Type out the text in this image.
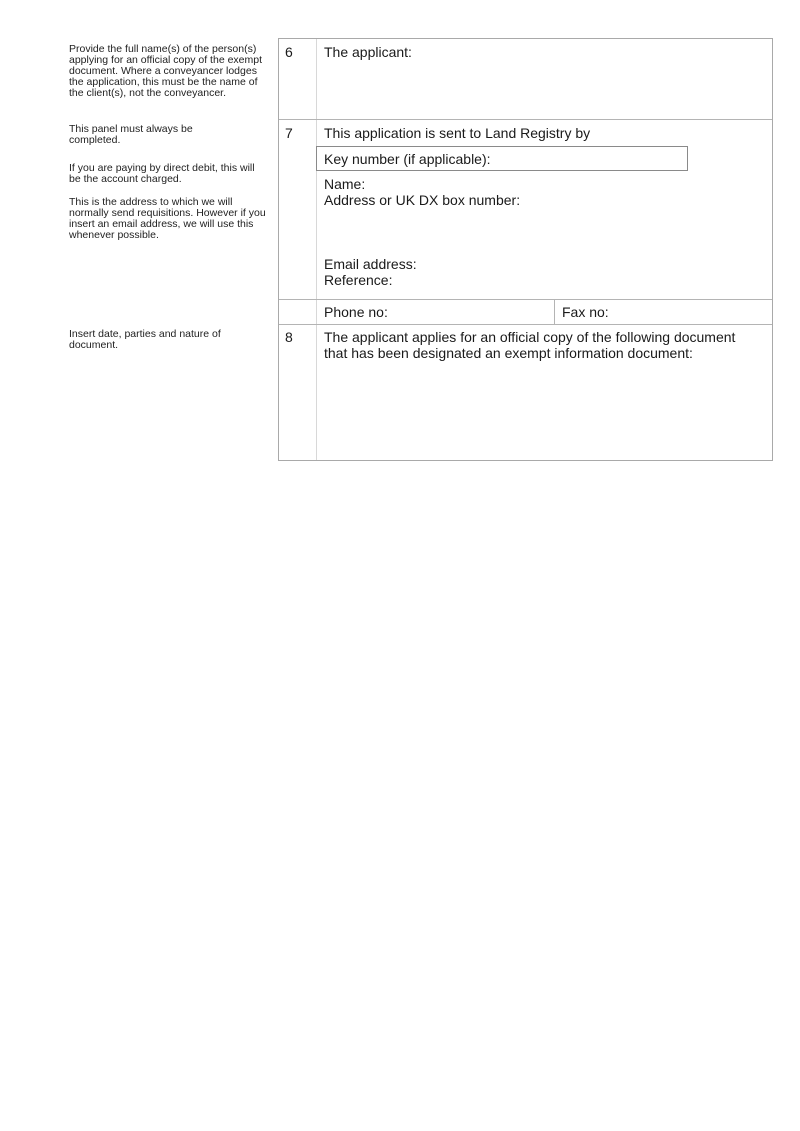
Provide the full name(s) of the person(s) applying for an official copy of the exempt document. Where a conveyancer lodges the application, this must be the name of the client(s), not the conveyancer.
This panel must always be completed.
If you are paying by direct debit, this will be the account charged.
This is the address to which we will normally send requisitions. However if you insert an email address, we will use this whenever possible.
Insert date, parties and nature of document.
6 The applicant:
7 This application is sent to Land Registry by
Key number (if applicable):
Name:
Address or UK DX box number:
Email address:
Reference:
Phone no:	Fax no:
8 The applicant applies for an official copy of the following document
that has been designated an exempt information document:
